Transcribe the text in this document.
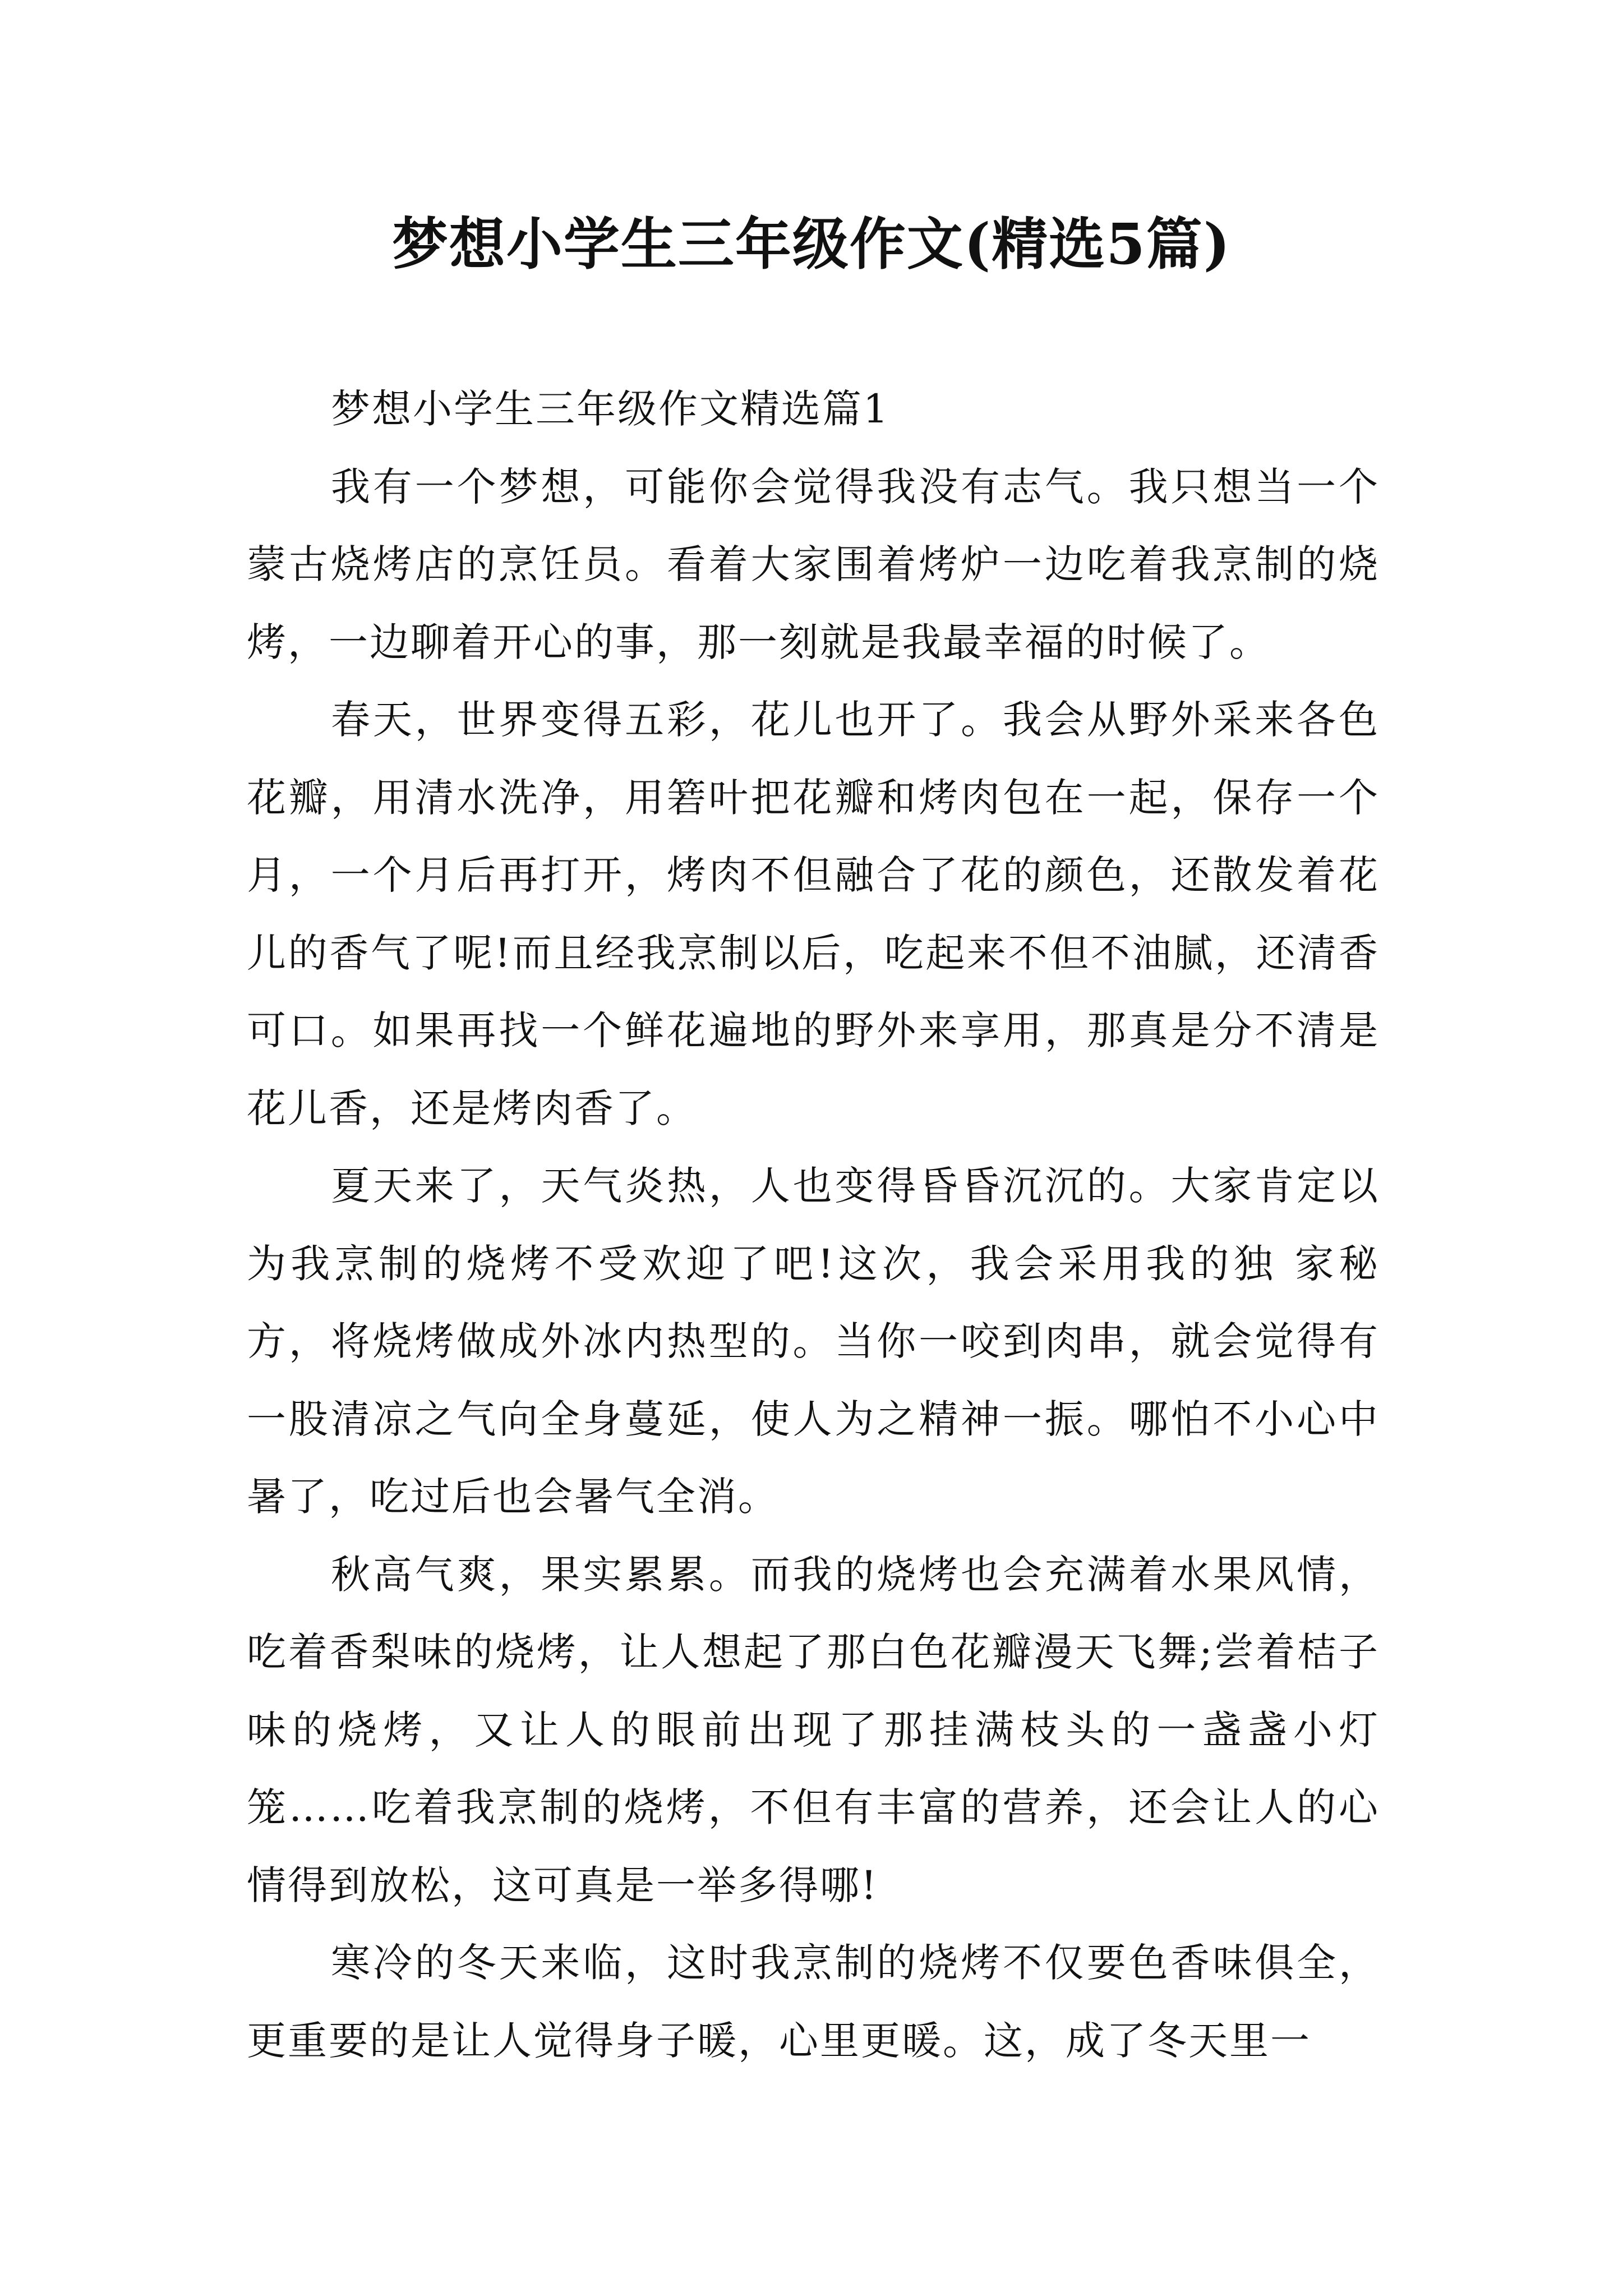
梦想小学生三年级作文(精选5篇)

梦想小学生三年级作文精选篇1

我有一个梦想，可能你会觉得我没有志气。我只想当一个蒙古烧烤店的烹饪员。看着大家围着烤炉一边吃着我烹制的烧烤，一边聊着开心的事，那一刻就是我最幸福的时候了。

春天，世界变得五彩，花儿也开了。我会从野外采来各色花瓣，用清水洗净，用箬叶把花瓣和烤肉包在一起，保存一个月，一个月后再打开，烤肉不但融合了花的颜色，还散发着花儿的香气了呢!而且经我烹制以后，吃起来不但不油腻，还清香可口。如果再找一个鲜花遍地的野外来享用，那真是分不清是花儿香，还是烤肉香了。

夏天来了，天气炎热，人也变得昏昏沉沉的。大家肯定以为我烹制的烧烤不受欢迎了吧!这次，我会采用我的独 家秘方，将烧烤做成外冰内热型的。当你一咬到肉串，就会觉得有一股清凉之气向全身蔓延，使人为之精神一振。哪怕不小心中暑了，吃过后也会暑气全消。

秋高气爽，果实累累。而我的烧烤也会充满着水果风情，吃着香梨味的烧烤，让人想起了那白色花瓣漫天飞舞;尝着桔子味的烧烤，又让人的眼前出现了那挂满枝头的一盏盏小灯笼……吃着我烹制的烧烤，不但有丰富的营养，还会让人的心情得到放松，这可真是一举多得哪!

寒冷的冬天来临，这时我烹制的烧烤不仅要色香味俱全，更重要的是让人觉得身子暖，心里更暖。这，成了冬天里一
